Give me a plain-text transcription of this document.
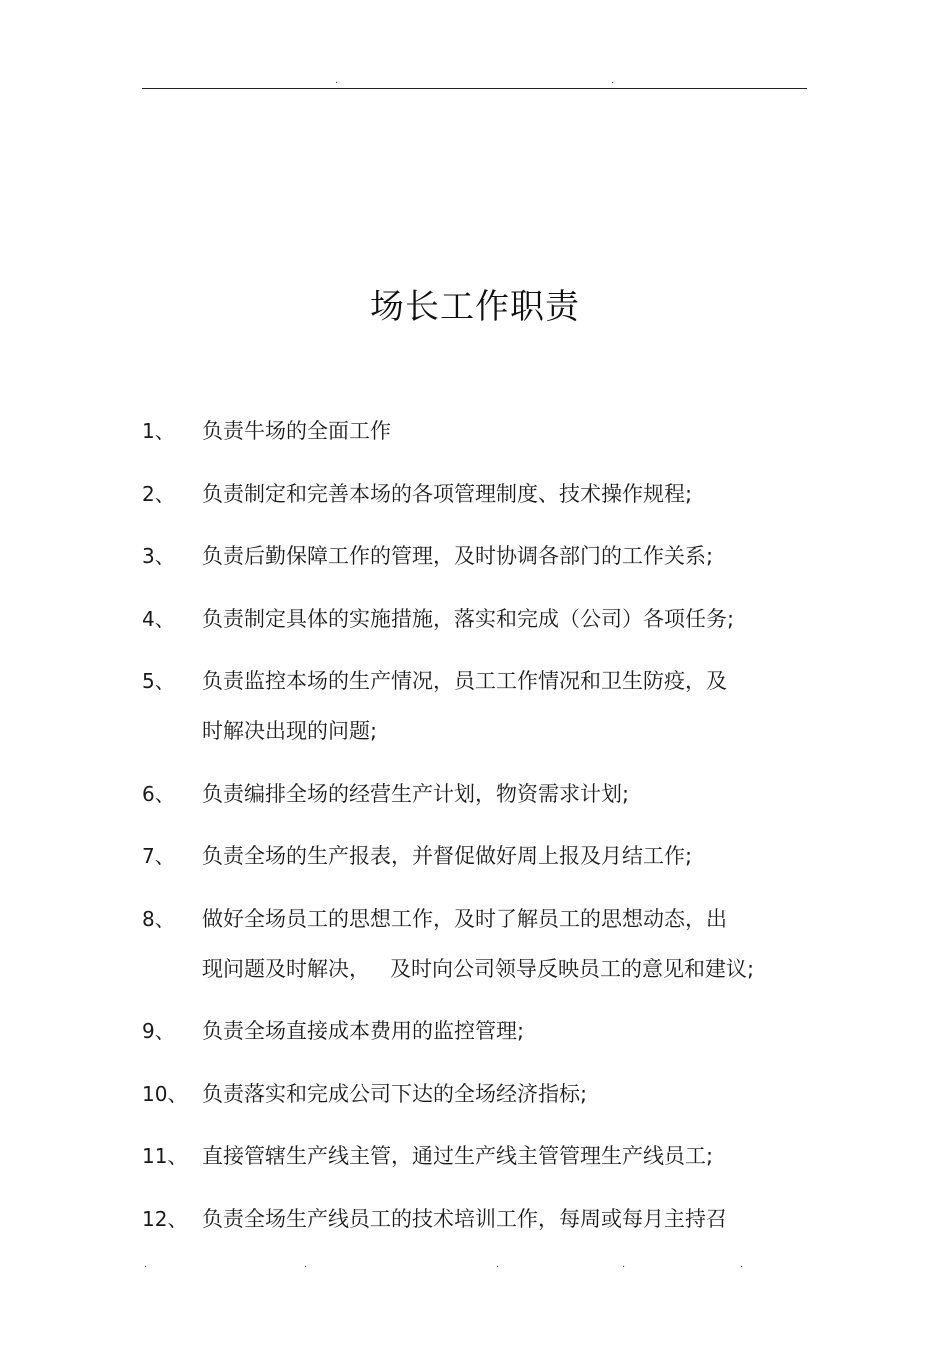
.	.
场长工作职责
1、 负责牛场的全面工作
2、 负责制定和完善本场的各项管理制度、技术操作规程;
3、 负责后勤保障工作的管理，及时协调各部门的工作关系;
4、 负责制定具体的实施措施，落实和完成（公司）各项任务;
5、 负责监控本场的生产情况，员工工作情况和卫生防疫，及
时解决出现的问题;
6、 负责编排全场的经营生产计划，物资需求计划;
7、 负责全场的生产报表，并督促做好周上报及月结工作;
8、 做好全场员工的思想工作，及时了解员工的思想动态，出
现问题及时解决，   及时向公司领导反映员工的意见和建议;
9、 负责全场直接成本费用的监控管理;
10、 负责落实和完成公司下达的全场经济指标;
11、 直接管辖生产线主管，通过生产线主管管理生产线员工;
12、 负责全场生产线员工的技术培训工作，每周或每月主持召
.	.	.	.	.
